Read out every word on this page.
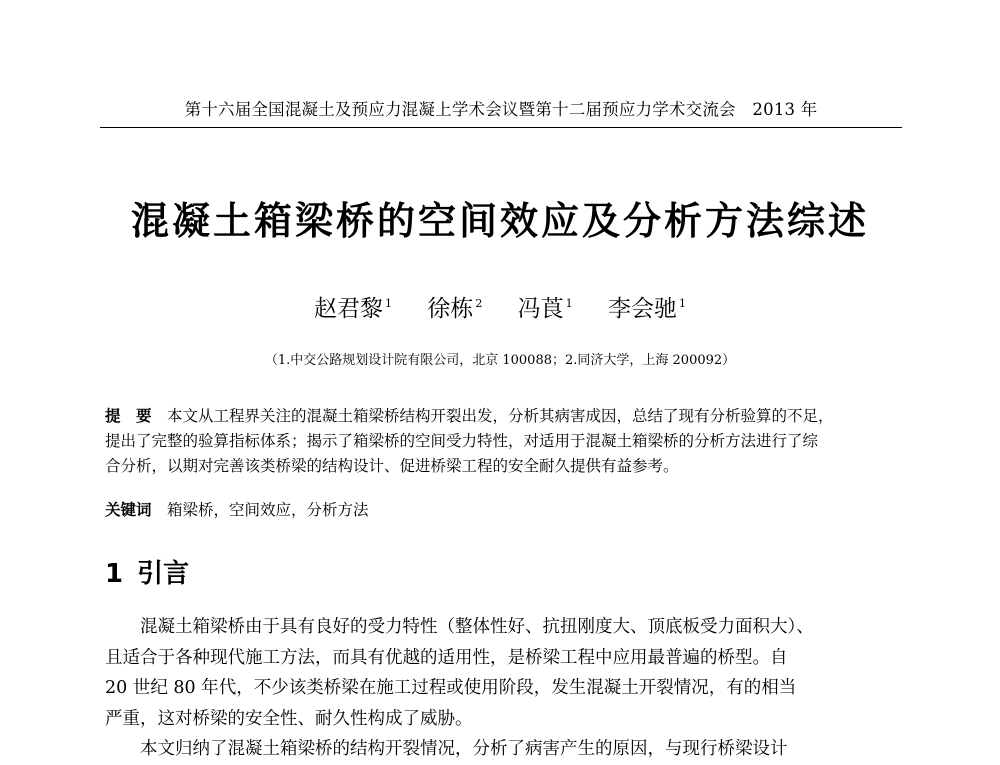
第十六届全国混凝土及预应力混凝上学术会议暨第十二届预应力学术交流会　2013 年
混凝土箱梁桥的空间效应及分析方法综述
赵君黎 $^1$ 徐栋 $^2$ 冯莨 $^1$ 李会驰 $^1$
（1.中交公路规划设计院有限公司，北京 100088；2.同济大学，上海 200092）

提　要　 本文从工程界关注的混凝土箱梁桥结构开裂出发，分析其病害成因，总结了现有分析验算的不足，

提出了完整的验算指标体系；揭示了箱梁桥的空间受力特性，对适用于混凝土箱梁桥的分析方法进行了综

合分析，以期对完善该类桥梁的结构设计、促进桥梁工程的安全耐久提供有益参考。

关键词　 箱梁桥，空间效应，分析方法
1 引言

混凝土箱梁桥由于具有良好的受力特性（整体性好、抗扭刚度大、顶底板受力面积大）、

且适合于各种现代施工方法，而具有优越的适用性，是桥梁工程中应用最普遍的桥型。自

20 世纪 80 年代，不少该类桥梁在施工过程或使用阶段，发生混凝土开裂情况，有的相当

严重，这对桥梁的安全性、耐久性构成了威胁。

本文归纳了混凝土箱梁桥的结构开裂情况，分析了病害产生的原因，与现行桥梁设计
